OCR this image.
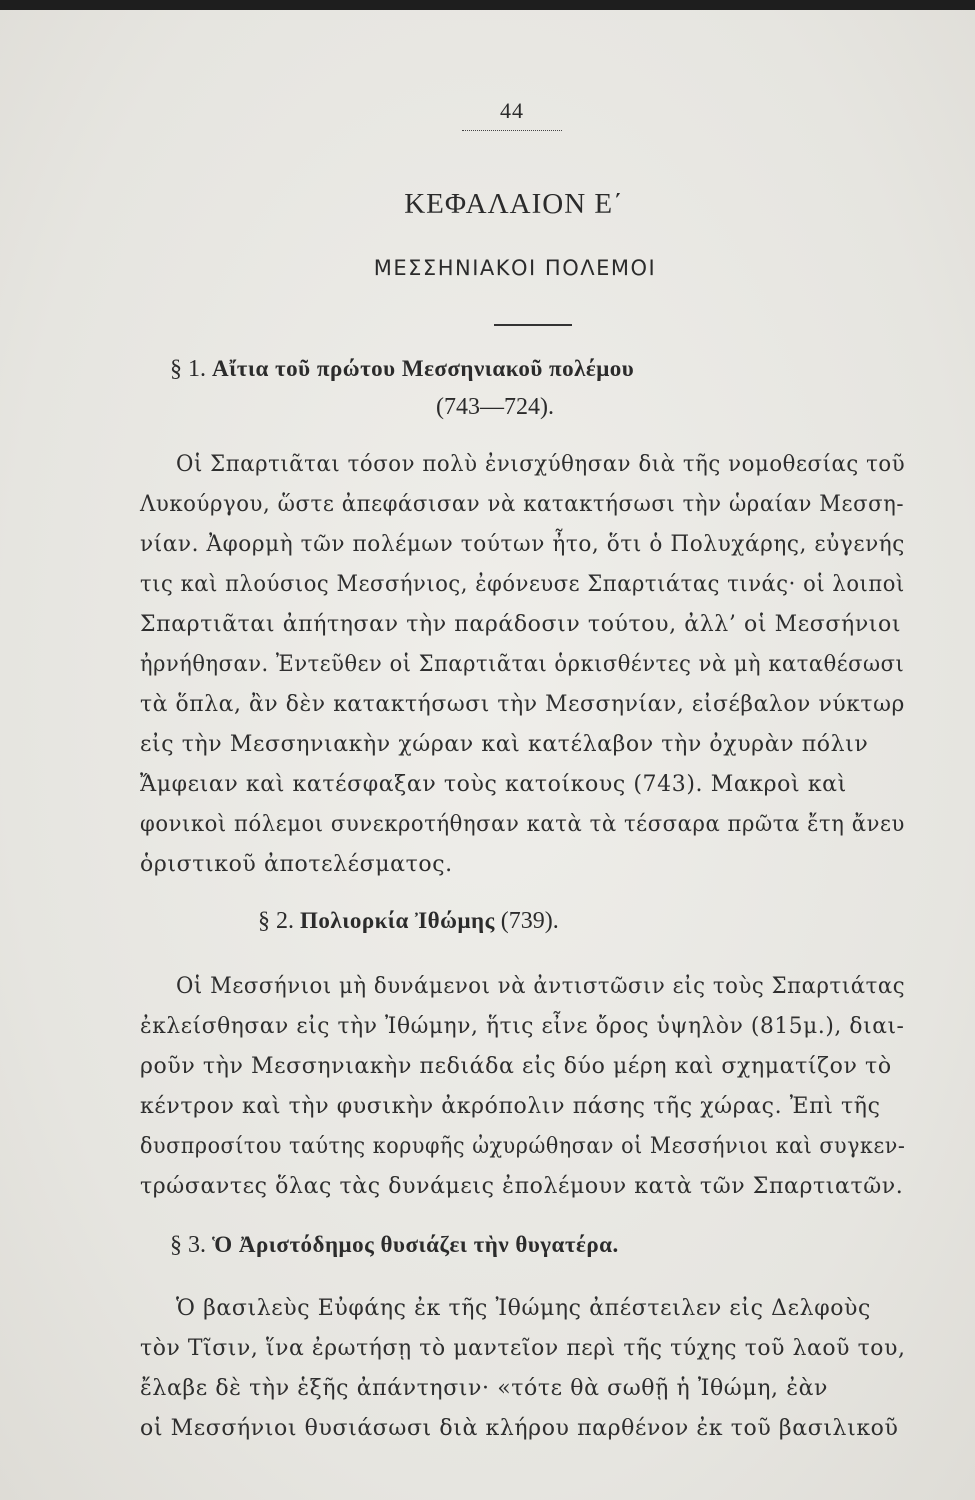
44
ΚΕΦΑΛΑΙΟΝ Ε΄
ΜΕΣΣΗΝΙΑΚΟΙ ΠΟΛΕΜΟΙ
§ 1. Αἴτια τοῦ πρώτου Μεσσηνιακοῦ πολέμου
(743—724).
Οἱ Σπαρτιᾶται τόσον πολὺ ἐνισχύθησαν διὰ τῆς νομοθεσίας τοῦ
Λυκούργου, ὥστε ἀπεφάσισαν νὰ κατακτήσωσι τὴν ὡραίαν Μεσση-
νίαν. Ἀφορμὴ τῶν πολέμων τούτων ἦτο, ὅτι ὁ Πολυχάρης, εὐγενής
τις καὶ πλούσιος Μεσσήνιος, ἐφόνευσε Σπαρτιάτας τινάς· οἱ λοιποὶ
Σπαρτιᾶται ἀπήτησαν τὴν παράδοσιν τούτου, ἀλλ’ οἱ Μεσσήνιοι
ἠρνήθησαν. Ἐντεῦθεν οἱ Σπαρτιᾶται ὁρκισθέντες νὰ μὴ καταθέσωσι
τὰ ὅπλα, ἂν δὲν κατακτήσωσι τὴν Μεσσηνίαν, εἰσέβαλον νύκτωρ
εἰς τὴν Μεσσηνιακὴν χώραν καὶ κατέλαβον τὴν ὀχυρὰν πόλιν
Ἄμφειαν καὶ κατέσφαξαν τοὺς κατοίκους (743). Μακροὶ καὶ
φονικοὶ πόλεμοι συνεκροτήθησαν κατὰ τὰ τέσσαρα πρῶτα ἔτη ἄνευ
ὁριστικοῦ ἀποτελέσματος.
§ 2. Πολιορκία Ἰθώμης (739).
Οἱ Μεσσήνιοι μὴ δυνάμενοι νὰ ἀντιστῶσιν εἰς τοὺς Σπαρτιάτας
ἐκλείσθησαν εἰς τὴν Ἰθώμην, ἥτις εἶνε ὄρος ὑψηλὸν (815μ.), διαι-
ροῦν τὴν Μεσσηνιακὴν πεδιάδα εἰς δύο μέρη καὶ σχηματίζον τὸ
κέντρον καὶ τὴν φυσικὴν ἀκρόπολιν πάσης τῆς χώρας. Ἐπὶ τῆς
δυσπροσίτου ταύτης κορυφῆς ὠχυρώθησαν οἱ Μεσσήνιοι καὶ συγκεν-
τρώσαντες ὅλας τὰς δυνάμεις ἐπολέμουν κατὰ τῶν Σπαρτιατῶν.
§ 3. Ὁ Ἀριστόδημος θυσιάζει τὴν θυγατέρα.
Ὁ βασιλεὺς Εὐφάης ἐκ τῆς Ἰθώμης ἀπέστειλεν εἰς Δελφοὺς
τὸν Τῖσιν, ἵνα ἐρωτήσῃ τὸ μαντεῖον περὶ τῆς τύχης τοῦ λαοῦ του,
ἔλαβε δὲ τὴν ἑξῆς ἀπάντησιν· «τότε θὰ σωθῇ ἡ Ἰθώμη, ἐὰν
οἱ Μεσσήνιοι θυσιάσωσι διὰ κλήρου παρθένον ἐκ τοῦ βασιλικοῦ
